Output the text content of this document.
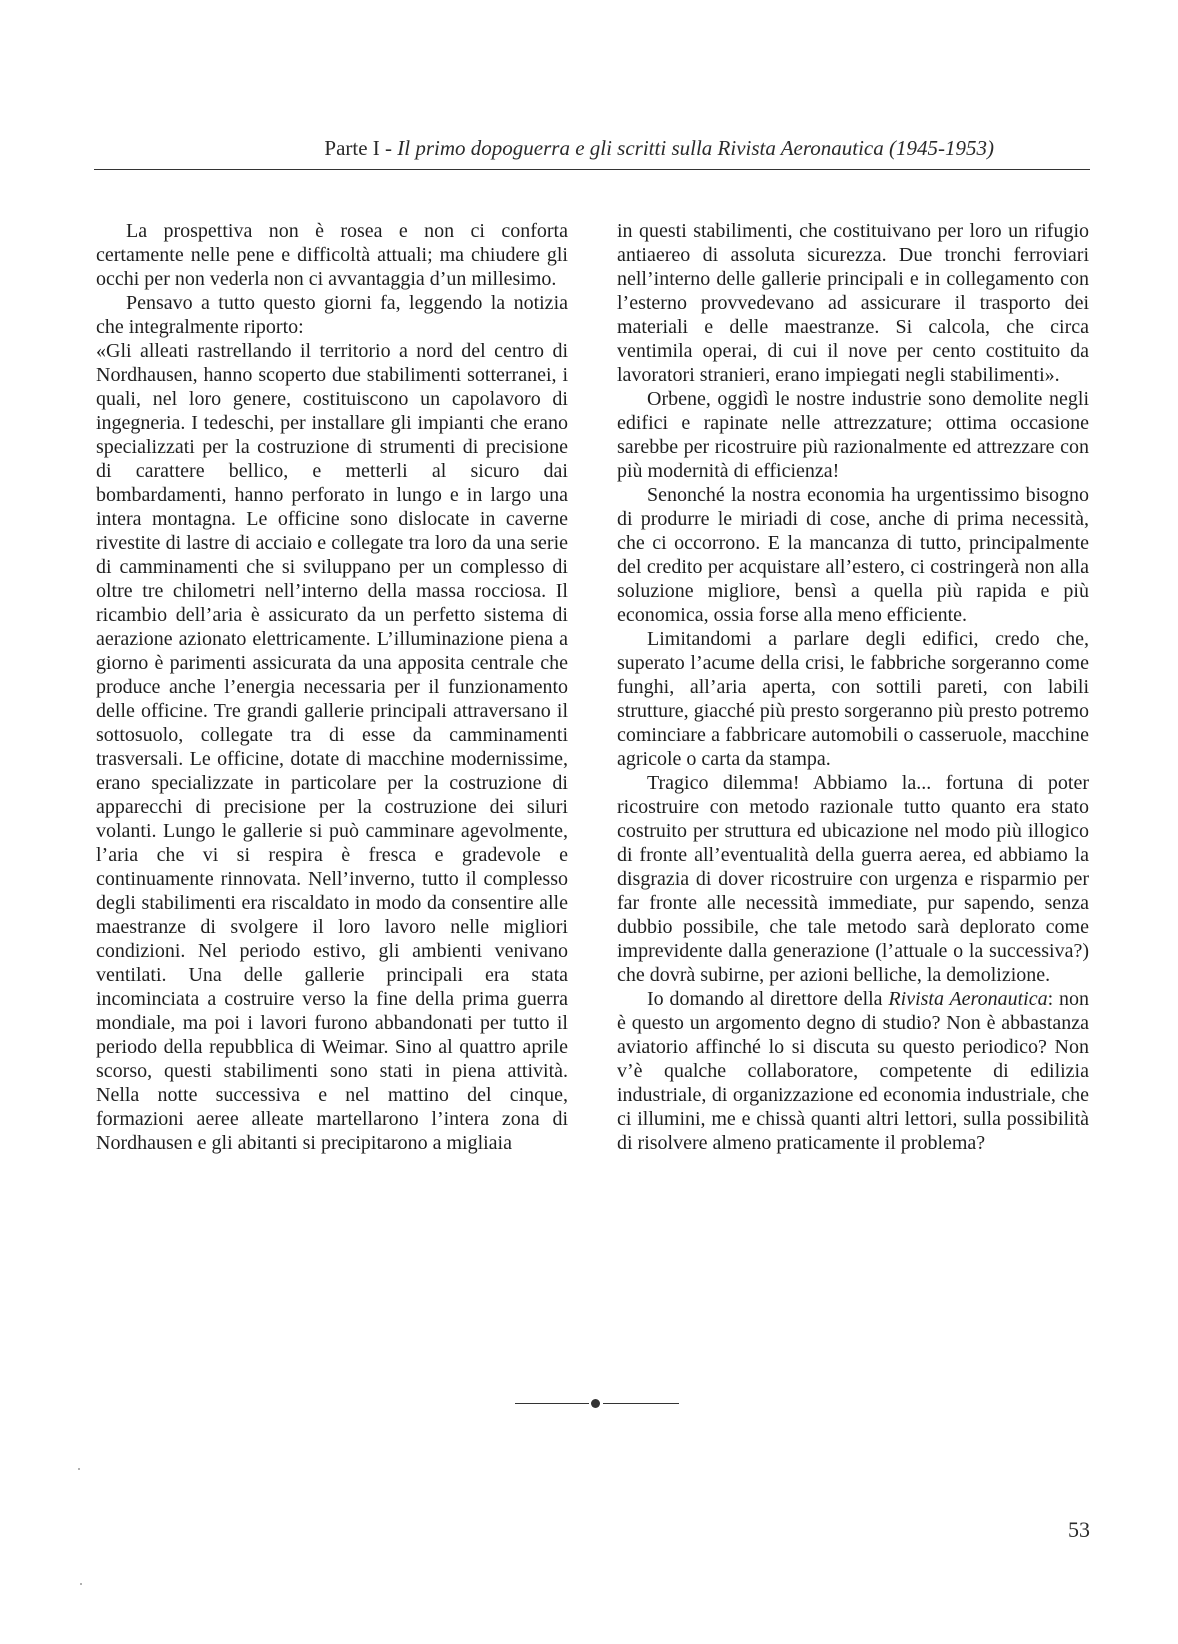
Parte I - Il primo dopoguerra e gli scritti sulla Rivista Aeronautica (1945-1953)

La prospettiva non è rosea e non ci conforta certamente nelle pene e difficoltà attuali; ma chiudere gli occhi per non vederla non ci avvantaggia d’un millesimo.

Pensavo a tutto questo giorni fa, leggendo la notizia che integralmente riporto:

«Gli alleati rastrellando il territorio a nord del centro di Nordhausen, hanno scoperto due stabilimenti sotterranei, i quali, nel loro genere, costituiscono un capolavoro di ingegneria. I tedeschi, per installare gli impianti che erano specializzati per la costruzione di strumenti di precisione di carattere bellico, e metterli al sicuro dai bombardamenti, hanno perforato in lungo e in largo una intera montagna. Le officine sono dislocate in caverne rivestite di lastre di acciaio e collegate tra loro da una serie di camminamenti che si sviluppano per un complesso di oltre tre chilometri nell’interno della massa rocciosa. Il ricambio dell’aria è assicurato da un perfetto sistema di aerazione azionato elettricamente. L’illuminazione piena a giorno è parimenti assicurata da una apposita centrale che produce anche l’energia necessaria per il funzionamento delle officine. Tre grandi gallerie principali attraversano il sottosuolo, collegate tra di esse da camminamenti trasversali. Le officine, dotate di macchine modernissime, erano specializzate in particolare per la costruzione di apparecchi di precisione per la costruzione dei siluri volanti. Lungo le gallerie si può camminare agevolmente, l’aria che vi si respira è fresca e gradevole e continuamente rinnovata. Nell’inverno, tutto il complesso degli stabilimenti era riscaldato in modo da consentire alle maestranze di svolgere il loro lavoro nelle migliori condizioni. Nel periodo estivo, gli ambienti venivano ventilati. Una delle gallerie principali era stata incominciata a costruire verso la fine della prima guerra mondiale, ma poi i lavori furono abbandonati per tutto il periodo della repubblica di Weimar. Sino al quattro aprile scorso, questi stabilimenti sono stati in piena attività. Nella notte successiva e nel mattino del cinque, formazioni aeree alleate martellarono l’intera zona di Nordhausen e gli abitanti si precipitarono a migliaia

in questi stabilimenti, che costituivano per loro un rifugio antiaereo di assoluta sicurezza. Due tronchi ferroviari nell’interno delle gallerie principali e in collegamento con l’esterno provvedevano ad assicurare il trasporto dei materiali e delle maestranze. Si calcola, che circa ventimila operai, di cui il nove per cento costituito da lavoratori stranieri, erano impiegati negli stabilimenti».

Orbene, oggidì le nostre industrie sono demolite negli edifici e rapinate nelle attrezzature; ottima occasione sarebbe per ricostruire più razionalmente ed attrezzare con più modernità di efficienza!

Senonché la nostra economia ha urgentissimo bisogno di produrre le miriadi di cose, anche di prima necessità, che ci occorrono. E la mancanza di tutto, principalmente del credito per acquistare all’estero, ci costringerà non alla soluzione migliore, bensì a quella più rapida e più economica, ossia forse alla meno efficiente.

Limitandomi a parlare degli edifici, credo che, superato l’acume della crisi, le fabbriche sorgeranno come funghi, all’aria aperta, con sottili pareti, con labili strutture, giacché più presto sorgeranno più presto potremo cominciare a fabbricare automobili o casseruole, macchine agricole o carta da stampa.

Tragico dilemma! Abbiamo la... fortuna di poter ricostruire con metodo razionale tutto quanto era stato costruito per struttura ed ubicazione nel modo più illogico di fronte all’eventualità della guerra aerea, ed abbiamo la disgrazia di dover ricostruire con urgenza e risparmio per far fronte alle necessità immediate, pur sapendo, senza dubbio possibile, che tale metodo sarà deplorato come imprevidente dalla generazione (l’attuale o la successiva?) che dovrà subirne, per azioni belliche, la demolizione.

Io domando al direttore della Rivista Aeronautica: non è questo un argomento degno di studio? Non è abbastanza aviatorio affinché lo si discuta su questo periodico? Non v’è qualche collaboratore, competente di edilizia industriale, di organizzazione ed economia industriale, che ci illumini, me e chissà quanti altri lettori, sulla possibilità di risolvere almeno praticamente il problema?

53
